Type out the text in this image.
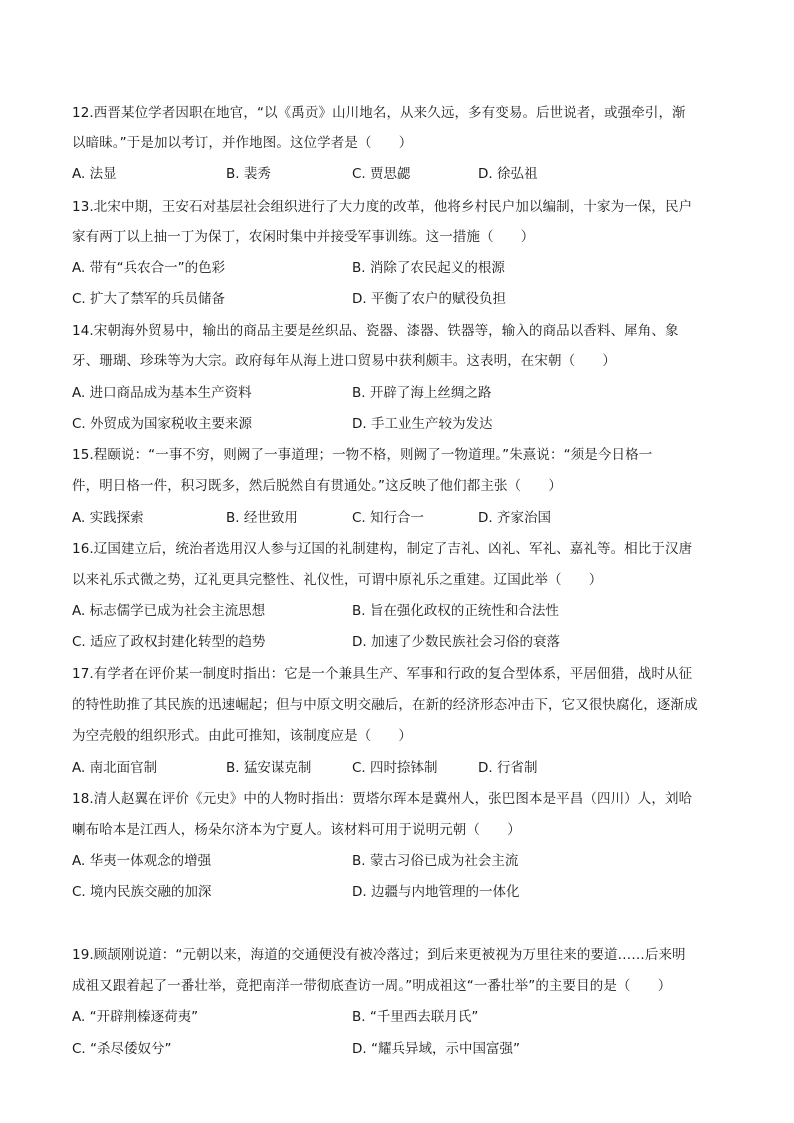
12.西晋某位学者因职在地官，“以《禹贡》山川地名，从来久远，多有变易。后世说者，或强牵引，渐
以暗昧。”于是加以考订，并作地图。这位学者是（　　）
A. 法显	B. 裴秀	C. 贾思勰	D. 徐弘祖
13.北宋中期，王安石对基层社会组织进行了大力度的改革，他将乡村民户加以编制，十家为一保，民户
家有两丁以上抽一丁为保丁，农闲时集中并接受军事训练。这一措施（　　）
A. 带有“兵农合一”的色彩	B. 消除了农民起义的根源
C. 扩大了禁军的兵员储备	D. 平衡了农户的赋役负担
14.宋朝海外贸易中，输出的商品主要是丝织品、瓷器、漆器、铁器等，输入的商品以香料、犀角、象
牙、珊瑚、珍珠等为大宗。政府每年从海上进口贸易中获利颇丰。这表明，在宋朝（　　）
A. 进口商品成为基本生产资料	B. 开辟了海上丝绸之路
C. 外贸成为国家税收主要来源	D. 手工业生产较为发达
15.程颐说：“一事不穷，则阙了一事道理；一物不格，则阙了一物道理。”朱熹说：“须是今日格一
件，明日格一件，积习既多，然后脱然自有贯通处。”这反映了他们都主张（　　）
A. 实践探索	B. 经世致用	C. 知行合一	D. 齐家治国
16.辽国建立后，统治者选用汉人参与辽国的礼制建构，制定了吉礼、凶礼、军礼、嘉礼等。相比于汉唐
以来礼乐式微之势，辽礼更具完整性、礼仪性，可谓中原礼乐之重建。辽国此举（　　）
A. 标志儒学已成为社会主流思想	B. 旨在强化政权的正统性和合法性
C. 适应了政权封建化转型的趋势	D. 加速了少数民族社会习俗的衰落
17.有学者在评价某一制度时指出：它是一个兼具生产、军事和行政的复合型体系，平居佃猎，战时从征
的特性助推了其民族的迅速崛起；但与中原文明交融后，在新的经济形态冲击下，它又很快腐化，逐渐成
为空壳般的组织形式。由此可推知，该制度应是（　　）
A. 南北面官制	B. 猛安谋克制	C. 四时捺钵制	D. 行省制
18.清人赵翼在评价《元史》中的人物时指出：贾塔尔珲本是冀州人，张巴图本是平昌（四川）人，刘哈
喇布哈本是江西人，杨朵尔济本为宁夏人。该材料可用于说明元朝（　　）
A. 华夷一体观念的增强	B. 蒙古习俗已成为社会主流
C. 境内民族交融的加深	D. 边疆与内地管理的一体化
19.顾颉刚说道：“元朝以来，海道的交通便没有被冷落过；到后来更被视为万里往来的要道……后来明
成祖又跟着起了一番壮举，竟把南洋一带彻底查访一周。”明成祖这“一番壮举”的主要目的是（　　）
A. “开辟荆榛逐荷夷”	B. “千里西去联月氏”
C. “杀尽倭奴兮”	D. “耀兵异域，示中国富强”
